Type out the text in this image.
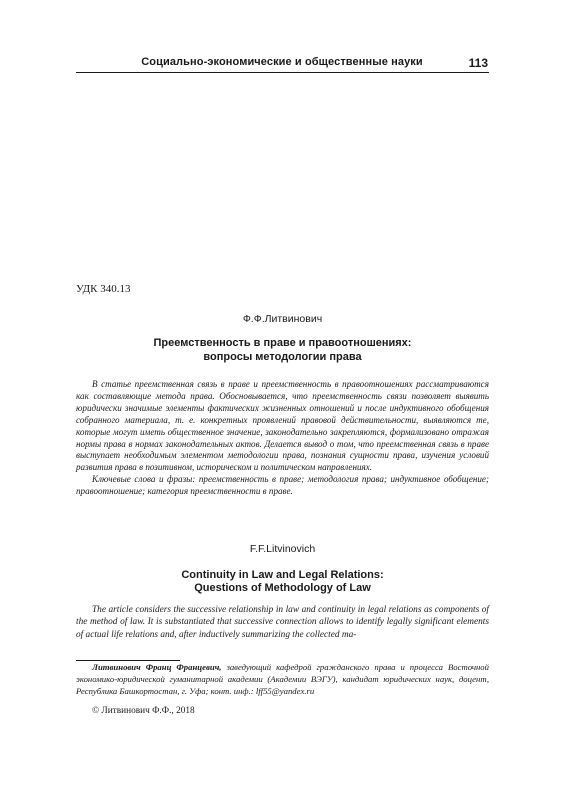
Социально-экономические и общественные науки	113
УДК 340.13
Ф.Ф.Литвинович
Преемственность в праве и правоотношениях:
вопросы методологии права

В статье преемственная связь в праве и преемственность в правоотношениях рассматриваются как составляющие метода права. Обосновывается, что преемственность связи позволяет выявить юридически значимые элементы фактических жизненных отношений и после индуктивного обобщения собранного материала, т. е. конкретных проявлений правовой действительности, выявляются те, которые могут иметь общественное значение, законодательно закрепляются, формализовано отражая нормы права в нормах законодательных актов. Делается вывод о том, что преемственная связь в праве выступает необходимым элементом методологии права, познания сущности права, изучения условий развития права в позитивном, историческом и политическом направлениях.

Ключевые слова и фразы: преемственность в праве; методология права; индуктивное обобщение; правоотношение; категория преемственности в праве.

F.F.Litvinovich
Continuity in Law and Legal Relations:
Questions of Methodology of Law

The article considers the successive relationship in law and continuity in legal relations as components of the method of law. It is substantiated that successive connection allows to identify legally significant elements of actual life relations and, after inductively summarizing the collected ma-

Литвинович Франц Францевич, заведующий кафедрой гражданского права и процесса Восточной экономико-юридической гуманитарной академии (Академии ВЭГУ), кандидат юридических наук, доцент, Республика Башкортостан, г. Уфа; конт. инф.: lff55@yandex.ru

© Литвинович Ф.Ф., 2018
